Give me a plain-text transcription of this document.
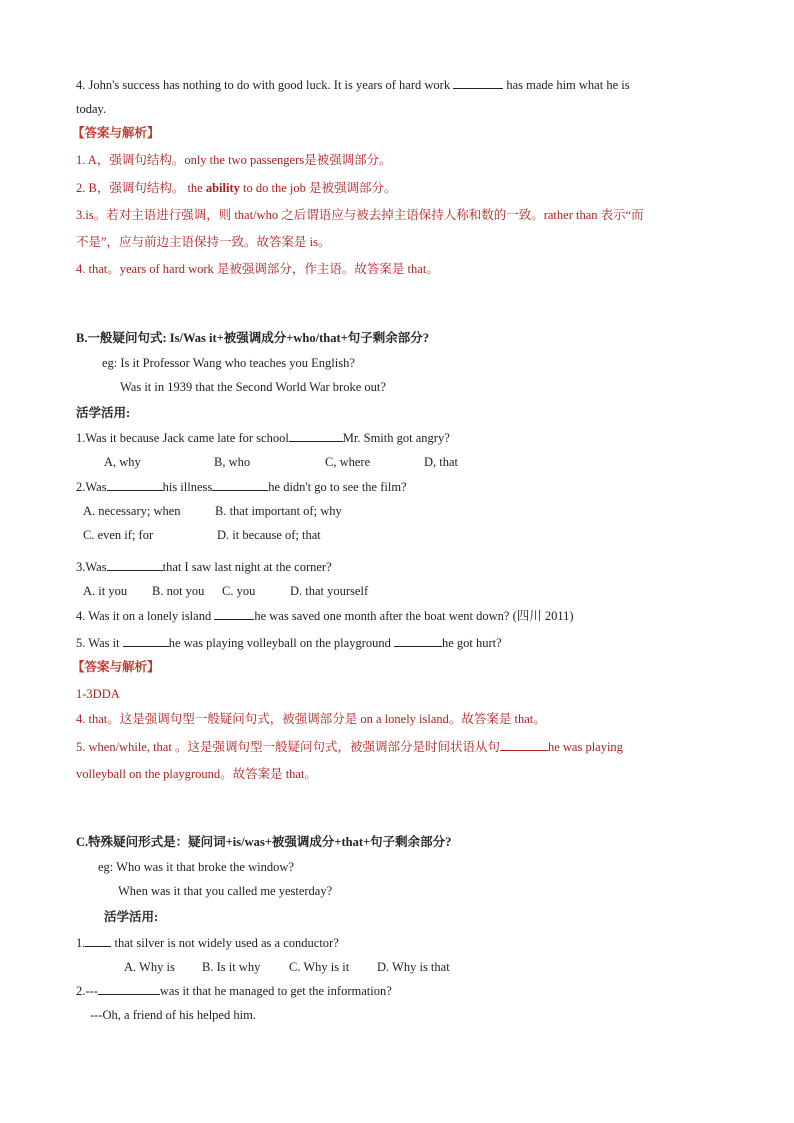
4. John's success has nothing to do with good luck. It is years of hard work	has made him what he is
today.
【答案与解析】
1. A，强调句结构。only the two passengers是被强调部分。
2. B，强调句结构。 the ability to do the job 是被强调部分。
3.is。若对主语进行强调，则 that/who 之后谓语应与被去掉主语保持人称和数的一致。rather than 表示“而
不是”，应与前边主语保持一致。故答案是 is。
4. that。years of hard work 是被强调部分，作主语。故答案是 that。
B.一般疑问句式: Is/Was it+被强调成分+who/that+句子剩余部分?
eg: Is it Professor Wang who teaches you English?
Was it in 1939 that the Second World War broke out?
活学活用:
1.Was it because Jack came late for school	Mr. Smith got angry?
A, why	B, who	C, where	D, that
2.Was	his illness	he didn't go to see the film?
A. necessary; when	B. that important of; why
C. even if; for	D. it because of; that
3.Was	that I saw last night at the corner?
A. it you B. not you C. you	D. that yourself
4. Was it on a lonely island	he was saved one month after the boat went down? (四川 2011)
5. Was it	he was playing volleyball on the playground	he got hurt?
【答案与解析】
1-3DDA
4. that。这是强调句型一般疑问句式，被强调部分是 on a lonely island。故答案是 that。
5. when/while, that 。这是强调句型一般疑问句式，被强调部分是时间状语从句	he was playing
volleyball on the playground。故答案是 that。
C.特殊疑问形式是：疑问词+is/was+被强调成分+that+句子剩余部分?
eg: Who was it that broke the window?
When was it that you called me yesterday?
活学活用:
1. that silver is not widely used as a conductor?
A. Why is B. Is it why C. Why is it D. Why is that
2.---	was it that he managed to get the information?
---Oh, a friend of his helped him.
